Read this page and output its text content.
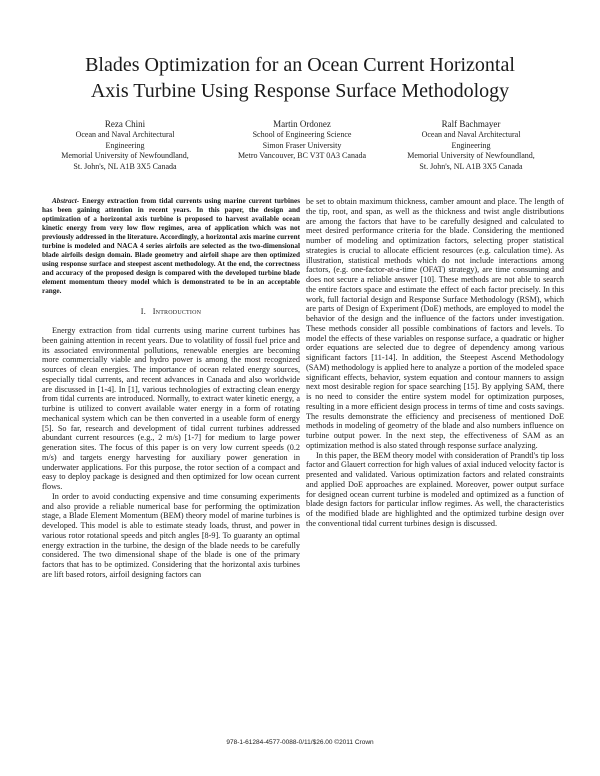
Blades Optimization for an Ocean Current Horizontal
Axis Turbine Using Response Surface Methodology
Reza Chini
Ocean and Naval Architectural
Engineering
Memorial University of Newfoundland,
St. John's, NL A1B 3X5 Canada
Martin Ordonez
School of Engineering Science
Simon Fraser University
Metro Vancouver, BC V3T 0A3 Canada
Ralf Bachmayer
Ocean and Naval Architectural
Engineering
Memorial University of Newfoundland,
St. John's, NL A1B 3X5 Canada

Abstract- Energy extraction from tidal currents using marine current turbines has been gaining attention in recent years. In this paper, the design and optimization of a horizontal axis turbine is proposed to harvest available ocean kinetic energy from very low flow regimes, area of application which was not previously addressed in the literature. Accordingly, a horizontal axis marine current turbine is modeled and NACA 4 series airfoils are selected as the two-dimensional blade airfoils design domain. Blade geometry and airfoil shape are then optimized using response surface and steepest ascent methodology. At the end, the correctness and accuracy of the proposed design is compared with the developed turbine blade element momentum theory model which is demonstrated to be in an acceptable range.

I. Introduction

Energy extraction from tidal currents using marine current turbines has been gaining attention in recent years. Due to volatility of fossil fuel price and its associated environmental pollutions, renewable energies are becoming more commercially viable and hydro power is among the most recognized sources of clean energies. The importance of ocean related energy sources, especially tidal currents, and recent advances in Canada and also worldwide are discussed in [1-4]. In [1], various technologies of extracting clean energy from tidal currents are introduced. Normally, to extract water kinetic energy, a turbine is utilized to convert available water energy in a form of rotating mechanical system which can be then converted in a useable form of energy [5]. So far, research and development of tidal current turbines addressed abundant current resources (e.g., 2 m/s) [1-7] for medium to large power generation sites. The focus of this paper is on very low current speeds (0.2 m/s) and targets energy harvesting for auxiliary power generation in underwater applications. For this purpose, the rotor section of a compact and easy to deploy package is designed and then optimized for low ocean current flows.

In order to avoid conducting expensive and time consuming experiments and also provide a reliable numerical base for performing the optimization stage, a Blade Element Momentum (BEM) theory model of marine turbines is developed. This model is able to estimate steady loads, thrust, and power in various rotor rotational speeds and pitch angles [8-9]. To guaranty an optimal energy extraction in the turbine, the design of the blade needs to be carefully considered. The two dimensional shape of the blade is one of the primary factors that has to be optimized. Considering that the horizontal axis turbines are lift based rotors, airfoil designing factors can

be set to obtain maximum thickness, camber amount and place. The length of the tip, root, and span, as well as the thickness and twist angle distributions are among the factors that have to be carefully designed and calculated to meet desired performance criteria for the blade. Considering the mentioned number of modeling and optimization factors, selecting proper statistical strategies is crucial to allocate efficient resources (e.g. calculation time). As illustration, statistical methods which do not include interactions among factors, (e.g. one-factor-at-a-time (OFAT) strategy), are time consuming and does not secure a reliable answer [10]. These methods are not able to search the entire factors space and estimate the effect of each factor precisely. In this work, full factorial design and Response Surface Methodology (RSM), which are parts of Design of Experiment (DoE) methods, are employed to model the behavior of the design and the influence of the factors under investigation. These methods consider all possible combinations of factors and levels. To model the effects of these variables on response surface, a quadratic or higher order equations are selected due to degree of dependency among various significant factors [11-14]. In addition, the Steepest Ascend Methodology (SAM) methodology is applied here to analyze a portion of the modeled space significant effects, behavior, system equation and contour manners to assign next most desirable region for space searching [15]. By applying SAM, there is no need to consider the entire system model for optimization purposes, resulting in a more efficient design process in terms of time and costs savings. The results demonstrate the efficiency and preciseness of mentioned DoE methods in modeling of geometry of the blade and also numbers influence on turbine output power. In the next step, the effectiveness of SAM as an optimization method is also stated through response surface analyzing.

In this paper, the BEM theory model with consideration of Prandtl's tip loss factor and Glauert correction for high values of axial induced velocity factor is presented and validated. Various optimization factors and related constraints and applied DoE approaches are explained. Moreover, power output surface for designed ocean current turbine is modeled and optimized as a function of blade design factors for particular inflow regimes. As well, the characteristics of the modified blade are highlighted and the optimized turbine design over the conventional tidal current turbines design is discussed.

978-1-61284-4577-0088-0/11/$26.00 ©2011 Crown
